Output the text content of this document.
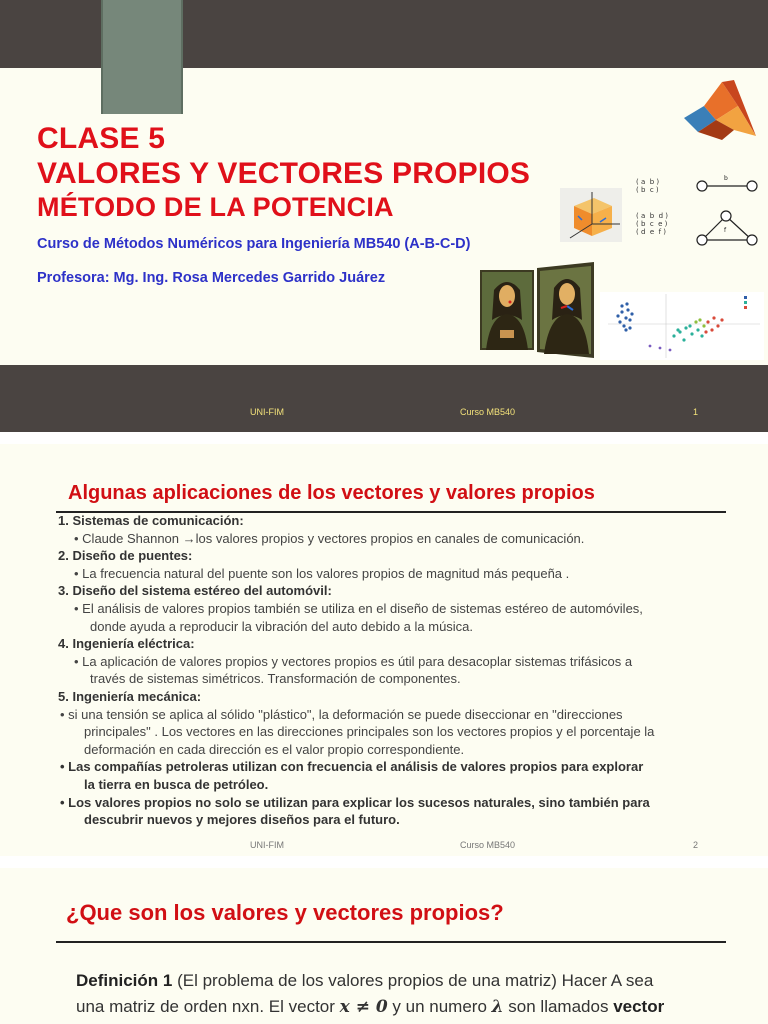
CLASE 5
VALORES Y VECTORES PROPIOS
MÉTODO DE LA POTENCIA
Curso de Métodos Numéricos para Ingeniería MB540 (A-B-C-D)
Profesora: Mg. Ing. Rosa Mercedes Garrido Juárez
( a  b )
( b  c )
( a  b  d )
( b  c  e )
( d  e  f )
b
f
UNI-FIM	Curso MB540	1
Algunas aplicaciones de los vectores y valores propios
1. Sistemas de comunicación:
• Claude Shannon →los valores propios y vectores propios en canales de comunicación.
2. Diseño de puentes:
• La frecuencia natural del puente son los valores propios de magnitud más pequeña .
3. Diseño del sistema estéreo del automóvil:
• El análisis de valores propios también se utiliza en el diseño de sistemas estéreo de automóviles,
donde ayuda a reproducir la vibración del auto debido a la música.
4. Ingeniería eléctrica:
• La aplicación de valores propios y vectores propios es útil para desacoplar sistemas trifásicos a
través de sistemas simétricos. Transformación de componentes.
5. Ingeniería mecánica:
• si una tensión se aplica al sólido "plástico", la deformación se puede diseccionar en "direcciones
principales" . Los vectores en las direcciones principales son los vectores propios y el porcentaje la
deformación en cada dirección es el valor propio correspondiente.
• Las compañías petroleras utilizan con frecuencia el análisis de valores propios para explorar
la tierra en busca de petróleo.
• Los valores propios no solo se utilizan para explicar los sucesos naturales, sino también para
descubrir nuevos y mejores diseños para el futuro.
UNI-FIM	Curso MB540	2
¿Que son los valores y vectores propios?
Definición 1 (El problema de los valores propios de una matriz) Hacer A sea
una matriz de orden nxn. El vector x ≠ 0 y un numero λ son llamados vector
